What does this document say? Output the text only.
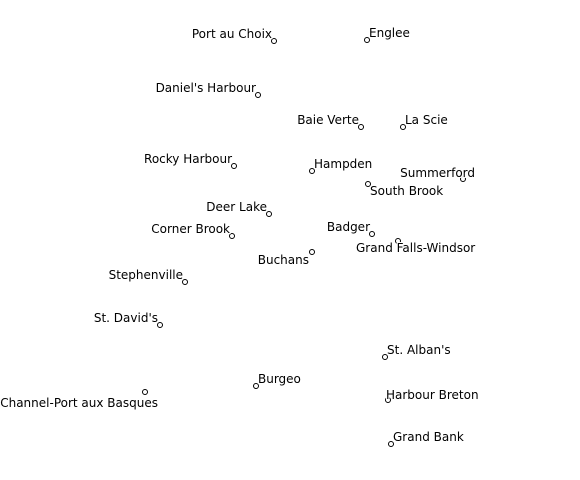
Port au Choix	Englee
Daniel's Harbour
Baie Verte	La Scie
Rocky Harbour	Hampden
Summerford
South Brook
Deer Lake
Badger
Corner Brook
Grand Falls-Windsor
Buchans
Stephenville
St. David's
St. Alban's
Burgeo
Channel-Port aux Basques
Harbour Breton
Grand Bank
